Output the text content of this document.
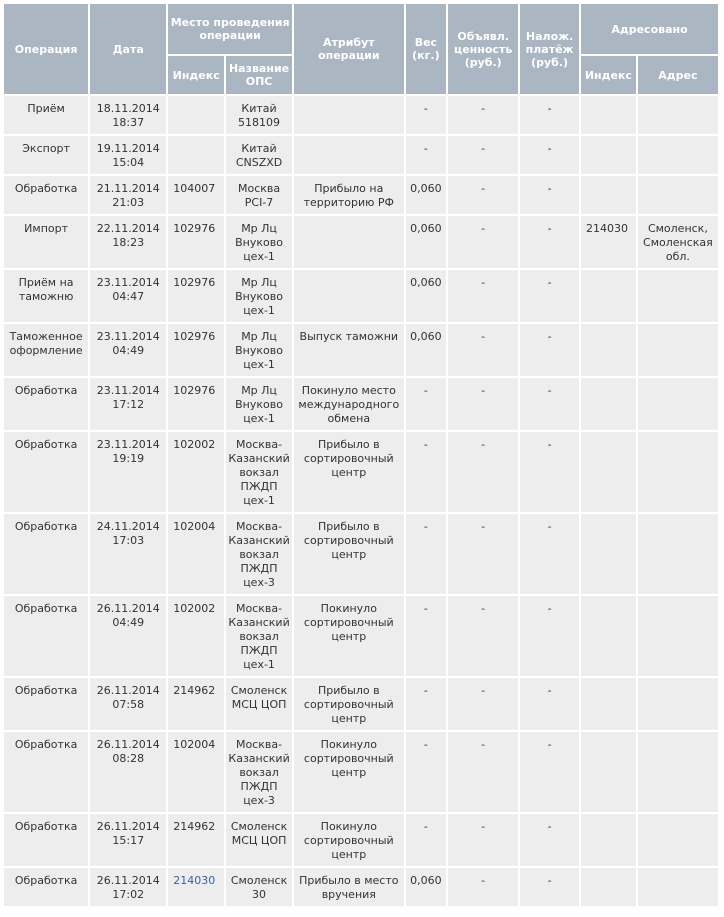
Операция	Дата	Место проведения операции		Атрибут операции	Вес (кг.)	Объявл. ценность (руб.)	Налож. платёж (руб.)	Адресовано	
		Индекс	Название ОПС					Индекс	Адрес
Приём	18.11.2014 18:37		Китай 518109		-	-	-		
Экспорт	19.11.2014 15:04		Китай CNSZXD		-	-	-		
Обработка	21.11.2014 21:03	104007	Москва PCI-7	Прибыло на территорию РФ	0,060	-	-		
Импорт	22.11.2014 18:23	102976	Мр Лц Внуково цех-1		0,060	-	-	214030	Смоленск, Смоленская обл.
Приём на таможню	23.11.2014 04:47	102976	Мр Лц Внуково цех-1		0,060	-	-		
Таможенное оформление	23.11.2014 04:49	102976	Мр Лц Внуково цех-1	Выпуск таможни	0,060	-	-		
Обработка	23.11.2014 17:12	102976	Мр Лц Внуково цех-1	Покинуло место международного обмена	-	-	-		
Обработка	23.11.2014 19:19	102002	Москва-Казанский вокзал ПЖДП цех-1	Прибыло в сортировочный центр	-	-	-		
Обработка	24.11.2014 17:03	102004	Москва-Казанский вокзал ПЖДП цех-3	Прибыло в сортировочный центр	-	-	-		
Обработка	26.11.2014 04:49	102002	Москва-Казанский вокзал ПЖДП цех-1	Покинуло сортировочный центр	-	-	-		
Обработка	26.11.2014 07:58	214962	Смоленск МСЦ ЦОП	Прибыло в сортировочный центр	-	-	-		
Обработка	26.11.2014 08:28	102004	Москва-Казанский вокзал ПЖДП цех-3	Покинуло сортировочный центр	-	-	-		
Обработка	26.11.2014 15:17	214962	Смоленск МСЦ ЦОП	Покинуло сортировочный центр	-	-	-		
Обработка	26.11.2014 17:02	214030	Смоленск 30	Прибыло в место вручения	0,060	-	-		
